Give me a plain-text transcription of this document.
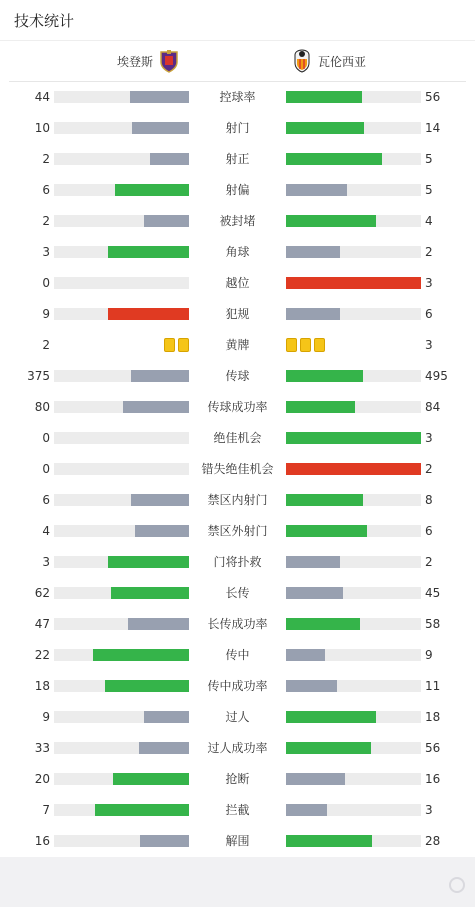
技术统计
埃登斯	瓦伦西亚
44	控球率	56
10	射门	14
2	射正	5
6	射偏	5
2	被封堵	4
3	角球	2
0	越位	3
9	犯规	6
2	黄牌	3
375	传球	495
80	传球成功率	84
0	绝佳机会	3
0	错失绝佳机会	2
6	禁区内射门	8
4	禁区外射门	6
3	门将扑救	2
62	长传	45
47	长传成功率	58
22	传中	9
18	传中成功率	11
9	过人	18
33	过人成功率	56
20	抢断	16
7	拦截	3
16	解围	28
